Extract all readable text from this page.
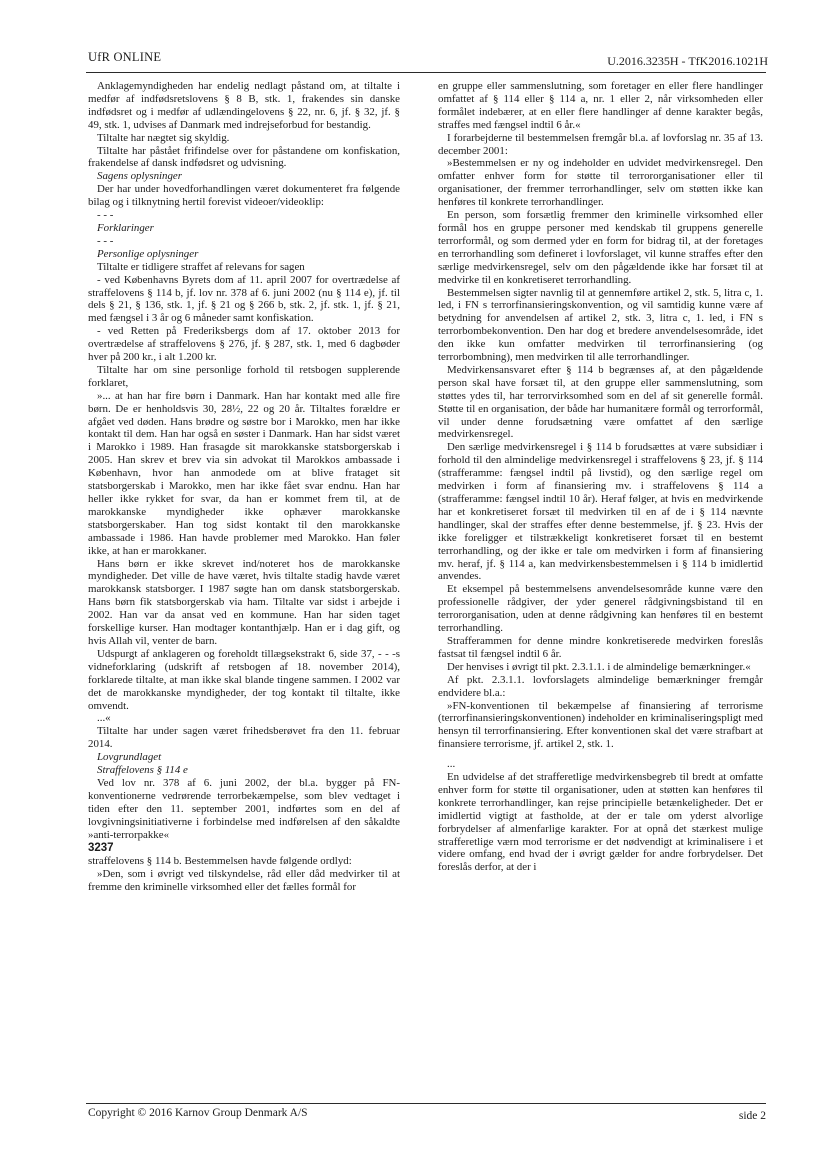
UfR ONLINE	U.2016.3235H - TfK2016.1021H

Anklagemyndigheden har endelig nedlagt påstand om, at tiltalte i medfør af indfødsretslovens § 8 B, stk. 1, frakendes sin danske indfødsret og i medfør af udlændingelovens § 22, nr. 6, jf. § 32, jf. § 49, stk. 1, udvises af Danmark med indrejseforbud for bestandig.

Tiltalte har nægtet sig skyldig.

Tiltalte har påstået frifindelse over for påstandene om konfiskation, frakendelse af dansk indfødsret og udvisning.

Sagens oplysninger

Der har under hovedforhandlingen været dokumenteret fra følgende bilag og i tilknytning hertil forevist videoer/videoklip:

- - -

Forklaringer

- - -

Personlige oplysninger

Tiltalte er tidligere straffet af relevans for sagen

- ved Københavns Byrets dom af 11. april 2007 for overtrædelse af straffelovens § 114 b, jf. lov nr. 378 af 6. juni 2002 (nu § 114 e), jf. til dels § 21, § 136, stk. 1, jf. § 21 og § 266 b, stk. 2, jf. stk. 1, jf. § 21, med fængsel i 3 år og 6 måneder samt konfiskation.

- ved Retten på Frederiksbergs dom af 17. oktober 2013 for overtrædelse af straffelovens § 276, jf. § 287, stk. 1, med 6 dagbøder hver på 200 kr., i alt 1.200 kr.

Tiltalte har om sine personlige forhold til retsbogen supplerende forklaret,

»... at han har fire børn i Danmark. Han har kontakt med alle fire børn. De er henholdsvis 30, 28½, 22 og 20 år. Tiltaltes forældre er afgået ved døden. Hans brødre og søstre bor i Marokko, men har ikke kontakt til dem. Han har også en søster i Danmark. Han har sidst været i Marokko i 1989. Han frasagde sit marokkanske statsborgerskab i 2005. Han skrev et brev via sin advokat til Marokkos ambassade i København, hvor han anmodede om at blive frataget sit statsborgerskab i Marokko, men har ikke fået svar endnu. Han har heller ikke rykket for svar, da han er kommet frem til, at de marokkanske myndigheder ikke ophæver marokkanske statsborgerskaber. Han tog sidst kontakt til den marokkanske ambassade i 1986. Han havde problemer med Marokko. Han føler ikke, at han er marokkaner.

Hans børn er ikke skrevet ind/noteret hos de marokkanske myndigheder. Det ville de have været, hvis tiltalte stadig havde været marokkansk statsborger. I 1987 søgte han om dansk statsborgerskab. Hans børn fik statsborgerskab via ham. Tiltalte var sidst i arbejde i 2002. Han var da ansat ved en kommune. Han har siden taget forskellige kurser. Han modtager kontanthjælp. Han er i dag gift, og hvis Allah vil, venter de barn.

Udspurgt af anklageren og foreholdt tillægsekstrakt 6, side 37, - - -s vidneforklaring (udskrift af retsbogen af 18. november 2014), forklarede tiltalte, at man ikke skal blande tingene sammen. I 2002 var det de marokkanske myndigheder, der tog kontakt til tiltalte, ikke omvendt.

...«

Tiltalte har under sagen været frihedsberøvet fra den 11. februar 2014.

Lovgrundlaget

Straffelovens § 114 e

Ved lov nr. 378 af 6. juni 2002, der bl.a. bygger på FN-konventionerne vedrørende terrorbekæmpelse, som blev vedtaget i tiden efter den 11. september 2001, indførtes som en del af lovgivningsinitiativerne i forbindelse med indførelsen af den såkaldte »anti-terrorpakke«

3237

straffelovens § 114 b. Bestemmelsen havde følgende ordlyd:

»Den, som i øvrigt ved tilskyndelse, råd eller dåd medvirker til at fremme den kriminelle virksomhed eller det fælles formål for

en gruppe eller sammenslutning, som foretager en eller flere handlinger omfattet af § 114 eller § 114 a, nr. 1 eller 2, når virksomheden eller formålet indebærer, at en eller flere handlinger af denne karakter begås, straffes med fængsel indtil 6 år.«

I forarbejderne til bestemmelsen fremgår bl.a. af lovforslag nr. 35 af 13. december 2001:

»Bestemmelsen er ny og indeholder en udvidet medvirkensregel. Den omfatter enhver form for støtte til terrororganisationer eller til organisationer, der fremmer terrorhandlinger, selv om støtten ikke kan henføres til konkrete terrorhandlinger.

En person, som forsætlig fremmer den kriminelle virksomhed eller formål hos en gruppe personer med kendskab til gruppens generelle terrorformål, og som dermed yder en form for bidrag til, at der foretages en terrorhandling som defineret i lovforslaget, vil kunne straffes efter den særlige medvirkensregel, selv om den pågældende ikke har forsæt til at medvirke til en konkretiseret terrorhandling.

Bestemmelsen sigter navnlig til at gennemføre artikel 2, stk. 5, litra c, 1. led, i FN s terrorfinansieringskonvention, og vil samtidig kunne være af betydning for anvendelsen af artikel 2, stk. 3, litra c, 1. led, i FN s terrorbombekonvention. Den har dog et bredere anvendelsesområde, idet den ikke kun omfatter medvirken til terrorfinansiering (og terrorbombning), men medvirken til alle terrorhandlinger.

Medvirkensansvaret efter § 114 b begrænses af, at den pågældende person skal have forsæt til, at den gruppe eller sammenslutning, som støttes ydes til, har terrorvirksomhed som en del af sit generelle formål. Støtte til en organisation, der både har humanitære formål og terrorformål, vil under denne forudsætning være omfattet af den særlige medvirkensregel.

Den særlige medvirkensregel i § 114 b forudsættes at være subsidiær i forhold til den almindelige medvirkensregel i straffelovens § 23, jf. § 114 (strafferamme: fængsel indtil på livstid), og den særlige regel om medvirken i form af finansiering mv. i straffelovens § 114 a (strafferamme: fængsel indtil 10 år). Heraf følger, at hvis en medvirkende har et konkretiseret forsæt til medvirken til en af de i § 114 nævnte handlinger, skal der straffes efter denne bestemmelse, jf. § 23. Hvis der ikke foreligger et tilstrækkeligt konkretiseret forsæt til en bestemt terrorhandling, og der ikke er tale om medvirken i form af finansiering mv. heraf, jf. § 114 a, kan medvirkensbestemmelsen i § 114 b imidlertid anvendes.

Et eksempel på bestemmelsens anvendelsesområde kunne være den professionelle rådgiver, der yder generel rådgivningsbistand til en terrororganisation, uden at denne rådgivning kan henføres til en bestemt terrorhandling.

Strafferammen for denne mindre konkretiserede medvirken foreslås fastsat til fængsel indtil 6 år.

Der henvises i øvrigt til pkt. 2.3.1.1. i de almindelige bemærkninger.«

Af pkt. 2.3.1.1. lovforslagets almindelige bemærkninger fremgår endvidere bl.a.:

»FN-konventionen til bekæmpelse af finansiering af terrorisme (terrorfinansieringskonventionen) indeholder en kriminaliseringspligt med hensyn til terrorfinansiering. Efter konventionen skal det være strafbart at finansiere terrorisme, jf. artikel 2, stk. 1.

...

En udvidelse af det strafferetlige medvirkensbegreb til bredt at omfatte enhver form for støtte til organisationer, uden at støtten kan henføres til konkrete terrorhandlinger, kan rejse principielle betænkeligheder. Det er imidlertid vigtigt at fastholde, at der er tale om yderst alvorlige forbrydelser af almenfarlige karakter. For at opnå det stærkest mulige strafferetlige værn mod terrorisme er det nødvendigt at kriminalisere i et videre omfang, end hvad der i øvrigt gælder for andre forbrydelser. Det foreslås derfor, at der i

Copyright © 2016 Karnov Group Denmark A/S	side 2
